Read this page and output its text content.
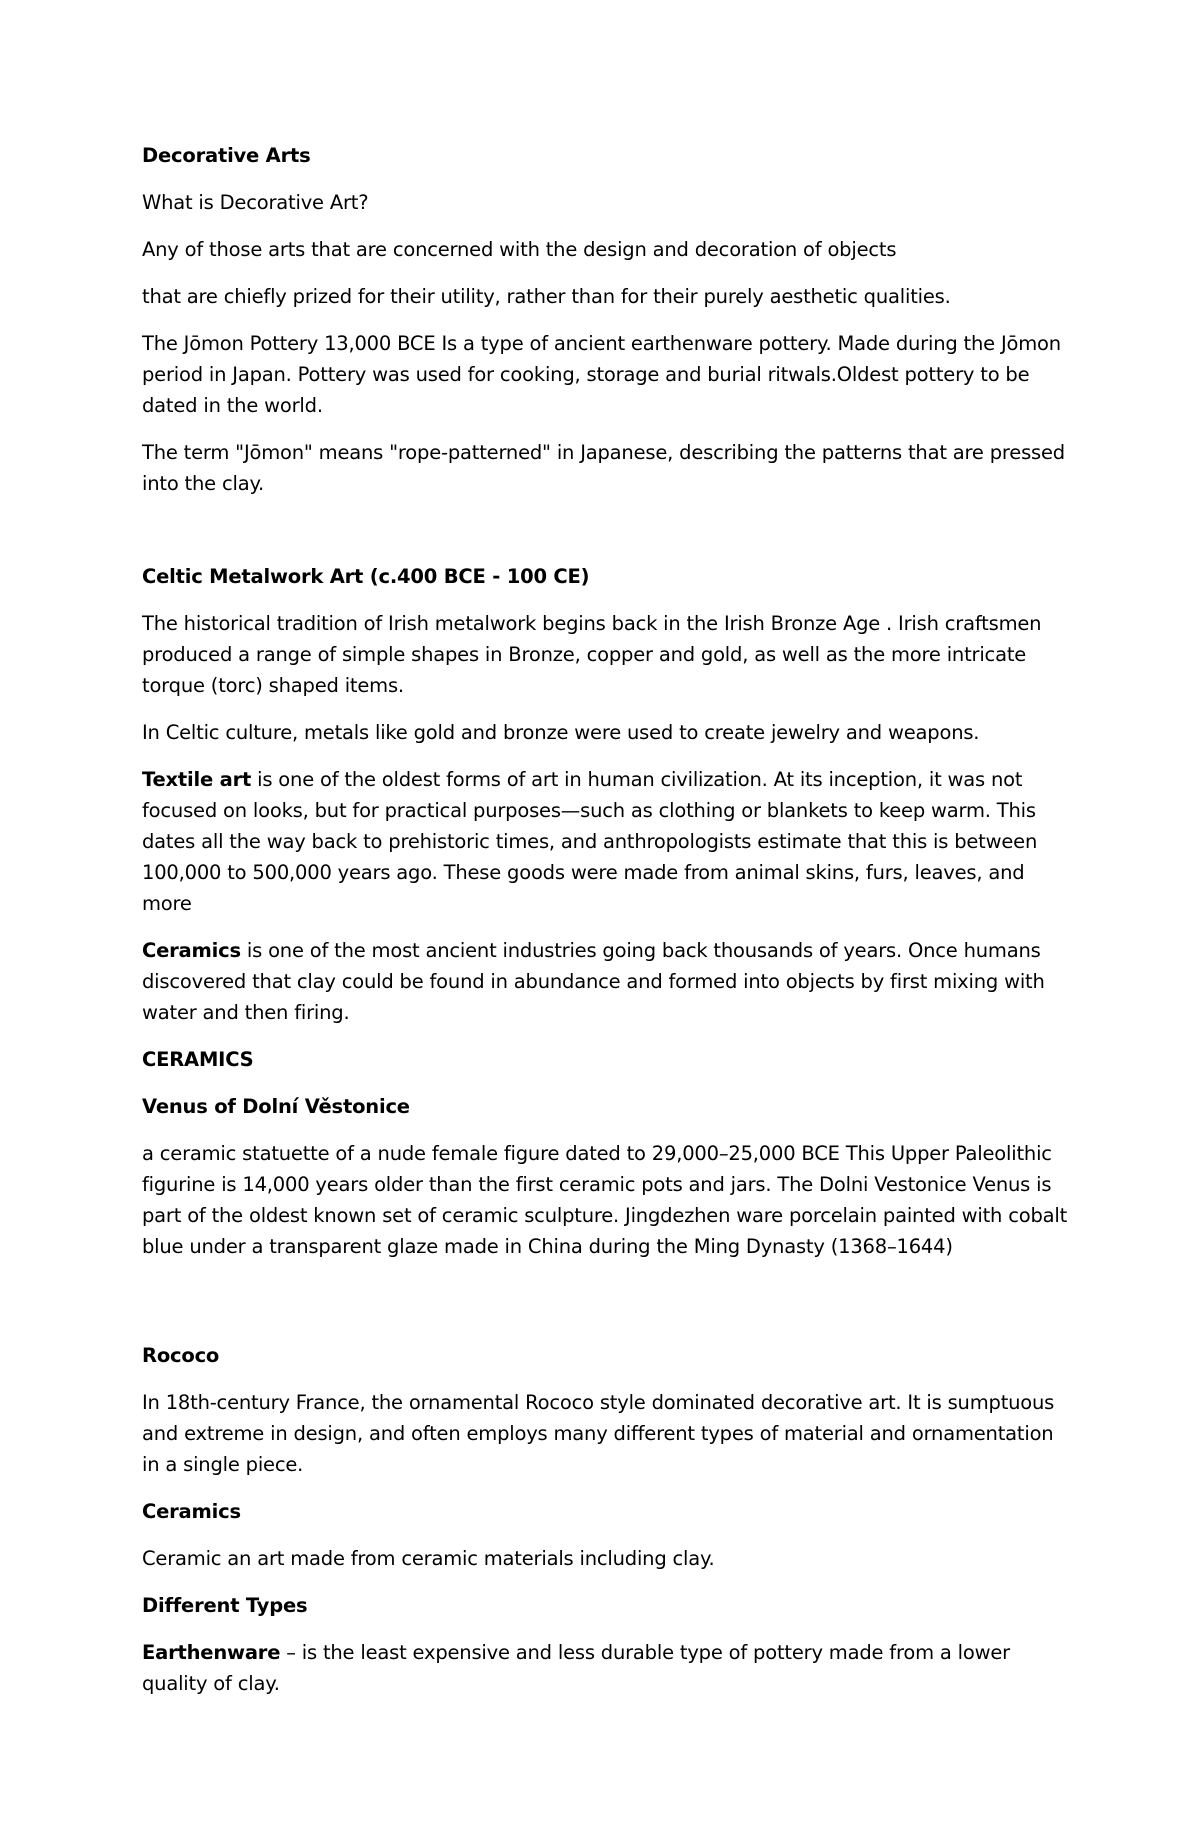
Decorative Arts

What is Decorative Art?

Any of those arts that are concerned with the design and decoration of objects

that are chiefly prized for their utility, rather than for their purely aesthetic qualities.

The Jōmon Pottery 13,000 BCE Is a type of ancient earthenware pottery. Made during the Jōmon period in Japan. Pottery was used for cooking, storage and burial ritwals.Oldest pottery to be dated in the world.

The term "Jōmon" means "rope-patterned" in Japanese, describing the patterns that are pressed into the clay.

Celtic Metalwork Art (c.400 BCE - 100 CE)

The historical tradition of Irish metalwork begins back in the Irish Bronze Age . Irish craftsmen produced a range of simple shapes in Bronze, copper and gold, as well as the more intricate torque (torc) shaped items.

In Celtic culture, metals like gold and bronze were used to create jewelry and weapons.

Textile art is one of the oldest forms of art in human civilization. At its inception, it was not focused on looks, but for practical purposes—such as clothing or blankets to keep warm. This dates all the way back to prehistoric times, and anthropologists estimate that this is between 100,000 to 500,000 years ago. These goods were made from animal skins, furs, leaves, and more

Ceramics is one of the most ancient industries going back thousands of years. Once humans discovered that clay could be found in abundance and formed into objects by first mixing with water and then firing.

CERAMICS

Venus of Dolní Věstonice

a ceramic statuette of a nude female figure dated to 29,000–25,000 BCE This Upper Paleolithic figurine is 14,000 years older than the first ceramic pots and jars. The Dolni Vestonice Venus is part of the oldest known set of ceramic sculpture. Jingdezhen ware porcelain painted with cobalt blue under a transparent glaze made in China during the Ming Dynasty (1368–1644)

Rococo

In 18th-century France, the ornamental Rococo style dominated decorative art. It is sumptuous and extreme in design, and often employs many different types of material and ornamentation in a single piece.

Ceramics

Ceramic an art made from ceramic materials including clay.

Different Types

Earthenware – is the least expensive and less durable type of pottery made from a lower quality of clay.
